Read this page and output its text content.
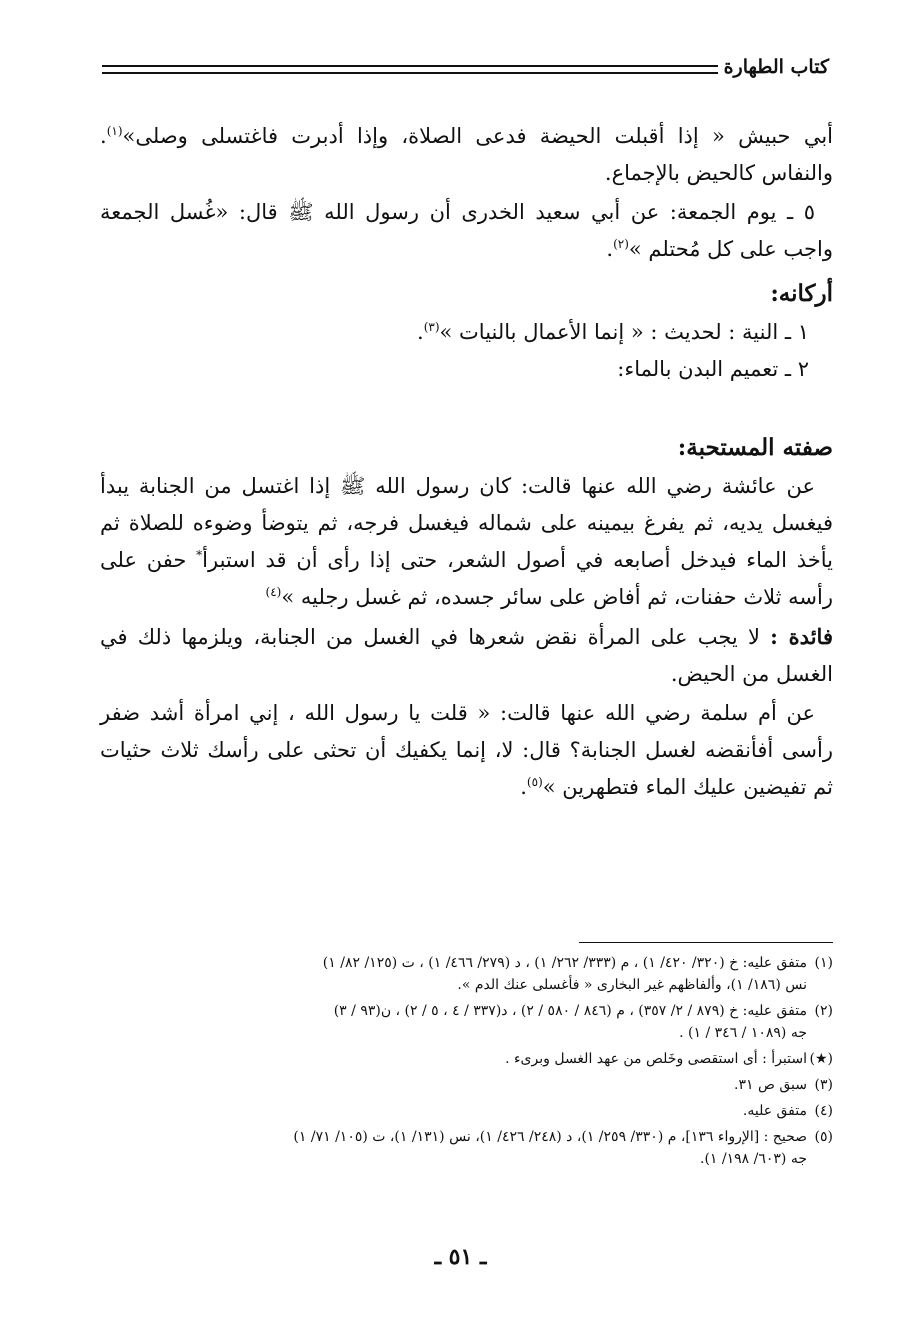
كتاب الطهارة

أبي حبيش « إذا أقبلت الحيضة فدعى الصلاة، وإذا أدبرت فاغتسلى وصلى»$^{(١)}$. والنفاس كالحيض بالإجماع.

٥ ـ يوم الجمعة: عن أبي سعيد الخدرى أن رسول الله ﷺ قال: «غُسل الجمعة واجب على كل مُحتلم »$^{(٢)}$.

أركانه:

١ ـ النية : لحديث : « إنما الأعمال بالنيات »$^{(٣)}$.

٢ ـ تعميم البدن بالماء:

صفته المستحبة:

عن عائشة رضي الله عنها قالت: كان رسول الله ﷺ إذا اغتسل من الجنابة يبدأ فيغسل يديه، ثم يفرغ بيمينه على شماله فيغسل فرجه، ثم يتوضأ وضوءه للصلاة ثم يأخذ الماء فيدخل أصابعه في أصول الشعر، حتى إذا رأى أن قد استبرأ* حفن على رأسه ثلاث حفنات، ثم أفاض على سائر جسده، ثم غسل رجليه »$^{(٤)}$

فائدة : لا يجب على المرأة نقض شعرها في الغسل من الجنابة، ويلزمها ذلك في الغسل من الحيض.

عن أم سلمة رضي الله عنها قالت: « قلت يا رسول الله ، إني امرأة أشد ضفر رأسى أفأنقضه لغسل الجنابة؟ قال: لا، إنما يكفيك أن تحثى على رأسك ثلاث حثيات ثم تفيضين عليك الماء فتطهرين »$^{(٥)}$.

(١)متفق عليه: خ (٣٢٠/ ٤٢٠/ ١) ، م (٣٣٣/ ٢٦٢/ ١) ، د (٢٧٩/ ٤٦٦/ ١) ، ت (١٢٥/ ٨٢/ ١)
نس (١٨٦/ ١)، وألفاظهم غير البخارى « فأغسلى عنك الدم ».
(٢)متفق عليه: خ (٨٧٩ / ٢/ ٣٥٧) ، م (٨٤٦ / ٥٨٠ / ٢) ، د(٣٣٧ / ٤ ، ٥ / ٢) ، ن(٩٣ / ٣)
جه (١٠٨٩ / ٣٤٦ / ١) .
(★)استبرأ : أى استقصى وخَلص من عهد الغسل وبرىء .
(٣)سبق ص ٣١.
(٤)متفق عليه.
(٥)صحيح : [الإرواء ١٣٦]، م (٣٣٠/ ٢٥٩/ ١)، د (٢٤٨/ ٤٢٦/ ١)، نس (١٣١/ ١)، ت (١٠٥/ ٧١/ ١)
جه (٦٠٣/ ١٩٨/ ١).
ـ ٥١ ـ
